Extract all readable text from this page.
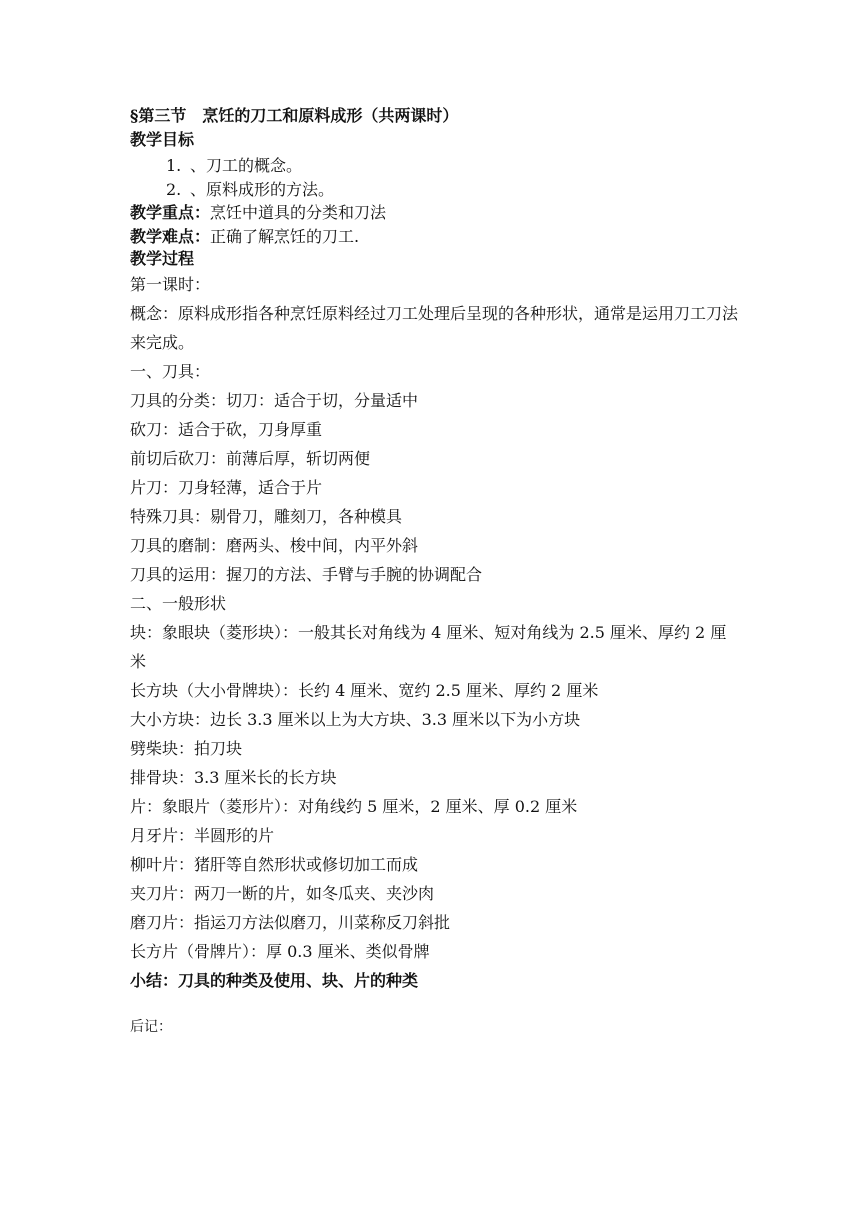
§第三节　烹饪的刀工和原料成形（共两课时）
教学目标
1. 、刀工的概念。
2. 、原料成形的方法。
教学重点：烹饪中道具的分类和刀法
教学难点：正确了解烹饪的刀工.
教学过程
第一课时：
概念：原料成形指各种烹饪原料经过刀工处理后呈现的各种形状，通常是运用刀工刀法来完成。
一、刀具：
刀具的分类：切刀：适合于切，分量适中
砍刀：适合于砍，刀身厚重
前切后砍刀：前薄后厚，斩切两便
片刀：刀身轻薄，适合于片
特殊刀具：剔骨刀，雕刻刀，各种模具
刀具的磨制：磨两头、梭中间，内平外斜
刀具的运用：握刀的方法、手臂与手腕的协调配合
二、一般形状
块：象眼块（菱形块）：一般其长对角线为 4 厘米、短对角线为 2.5 厘米、厚约 2 厘米
长方块（大小骨牌块）：长约 4 厘米、宽约 2.5 厘米、厚约 2 厘米
大小方块：边长 3.3 厘米以上为大方块、3.3 厘米以下为小方块
劈柴块：拍刀块
排骨块：3.3 厘米长的长方块
片：象眼片（菱形片）：对角线约 5 厘米，2 厘米、厚 0.2 厘米
月牙片：半圆形的片
柳叶片：猪肝等自然形状或修切加工而成
夹刀片：两刀一断的片，如冬瓜夹、夹沙肉
磨刀片：指运刀方法似磨刀，川菜称反刀斜批
长方片（骨牌片）：厚 0.3 厘米、类似骨牌
小结：刀具的种类及使用、块、片的种类
后记：
